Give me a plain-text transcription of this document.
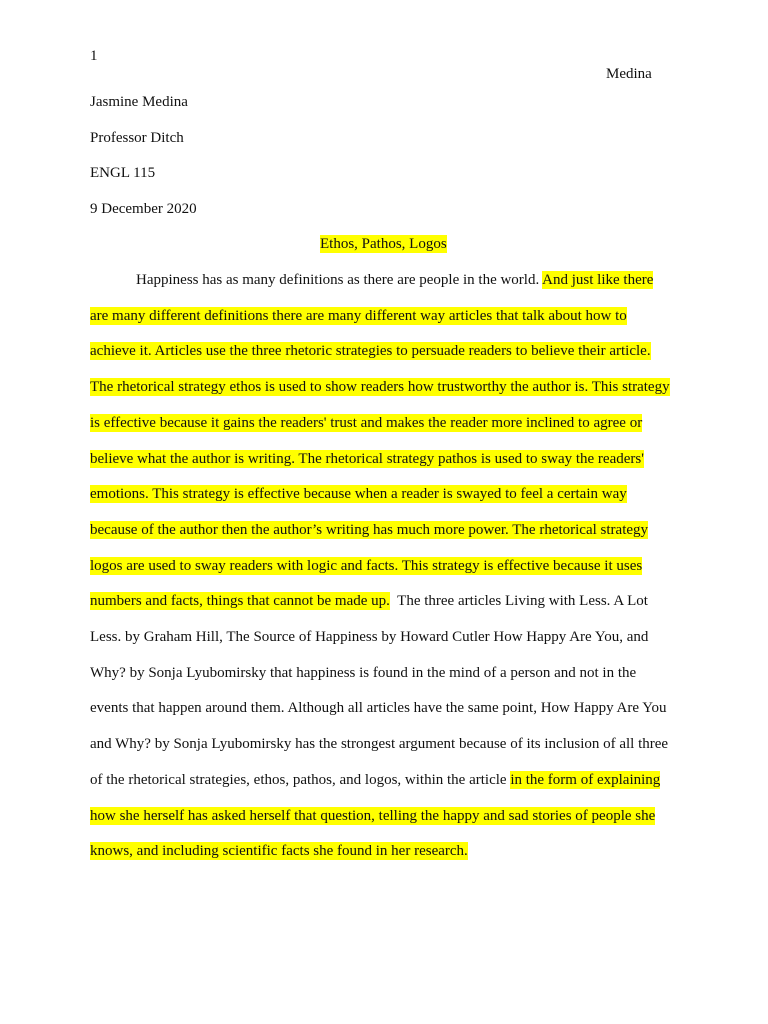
1
Medina
Jasmine Medina
Professor Ditch
ENGL 115
9 December 2020
Ethos, Pathos, Logos
Happiness has as many definitions as there are people in the world. And just like there
are many different definitions there are many different way articles that talk about how to
achieve it. Articles use the three rhetoric strategies to persuade readers to believe their article.
The rhetorical strategy ethos is used to show readers how trustworthy the author is. This strategy
is effective because it gains the readers' trust and makes the reader more inclined to agree or
believe what the author is writing. The rhetorical strategy pathos is used to sway the readers'
emotions. This strategy is effective because when a reader is swayed to feel a certain way
because of the author then the author’s writing has much more power. The rhetorical strategy
logos are used to sway readers with logic and facts. This strategy is effective because it uses
numbers and facts, things that cannot be made up.  The three articles Living with Less. A Lot
Less. by Graham Hill, The Source of Happiness by Howard Cutler How Happy Are You, and
Why? by Sonja Lyubomirsky that happiness is found in the mind of a person and not in the
events that happen around them. Although all articles have the same point, How Happy Are You
and Why? by Sonja Lyubomirsky has the strongest argument because of its inclusion of all three
of the rhetorical strategies, ethos, pathos, and logos, within the article in the form of explaining
how she herself has asked herself that question, telling the happy and sad stories of people she
knows, and including scientific facts she found in her research.
